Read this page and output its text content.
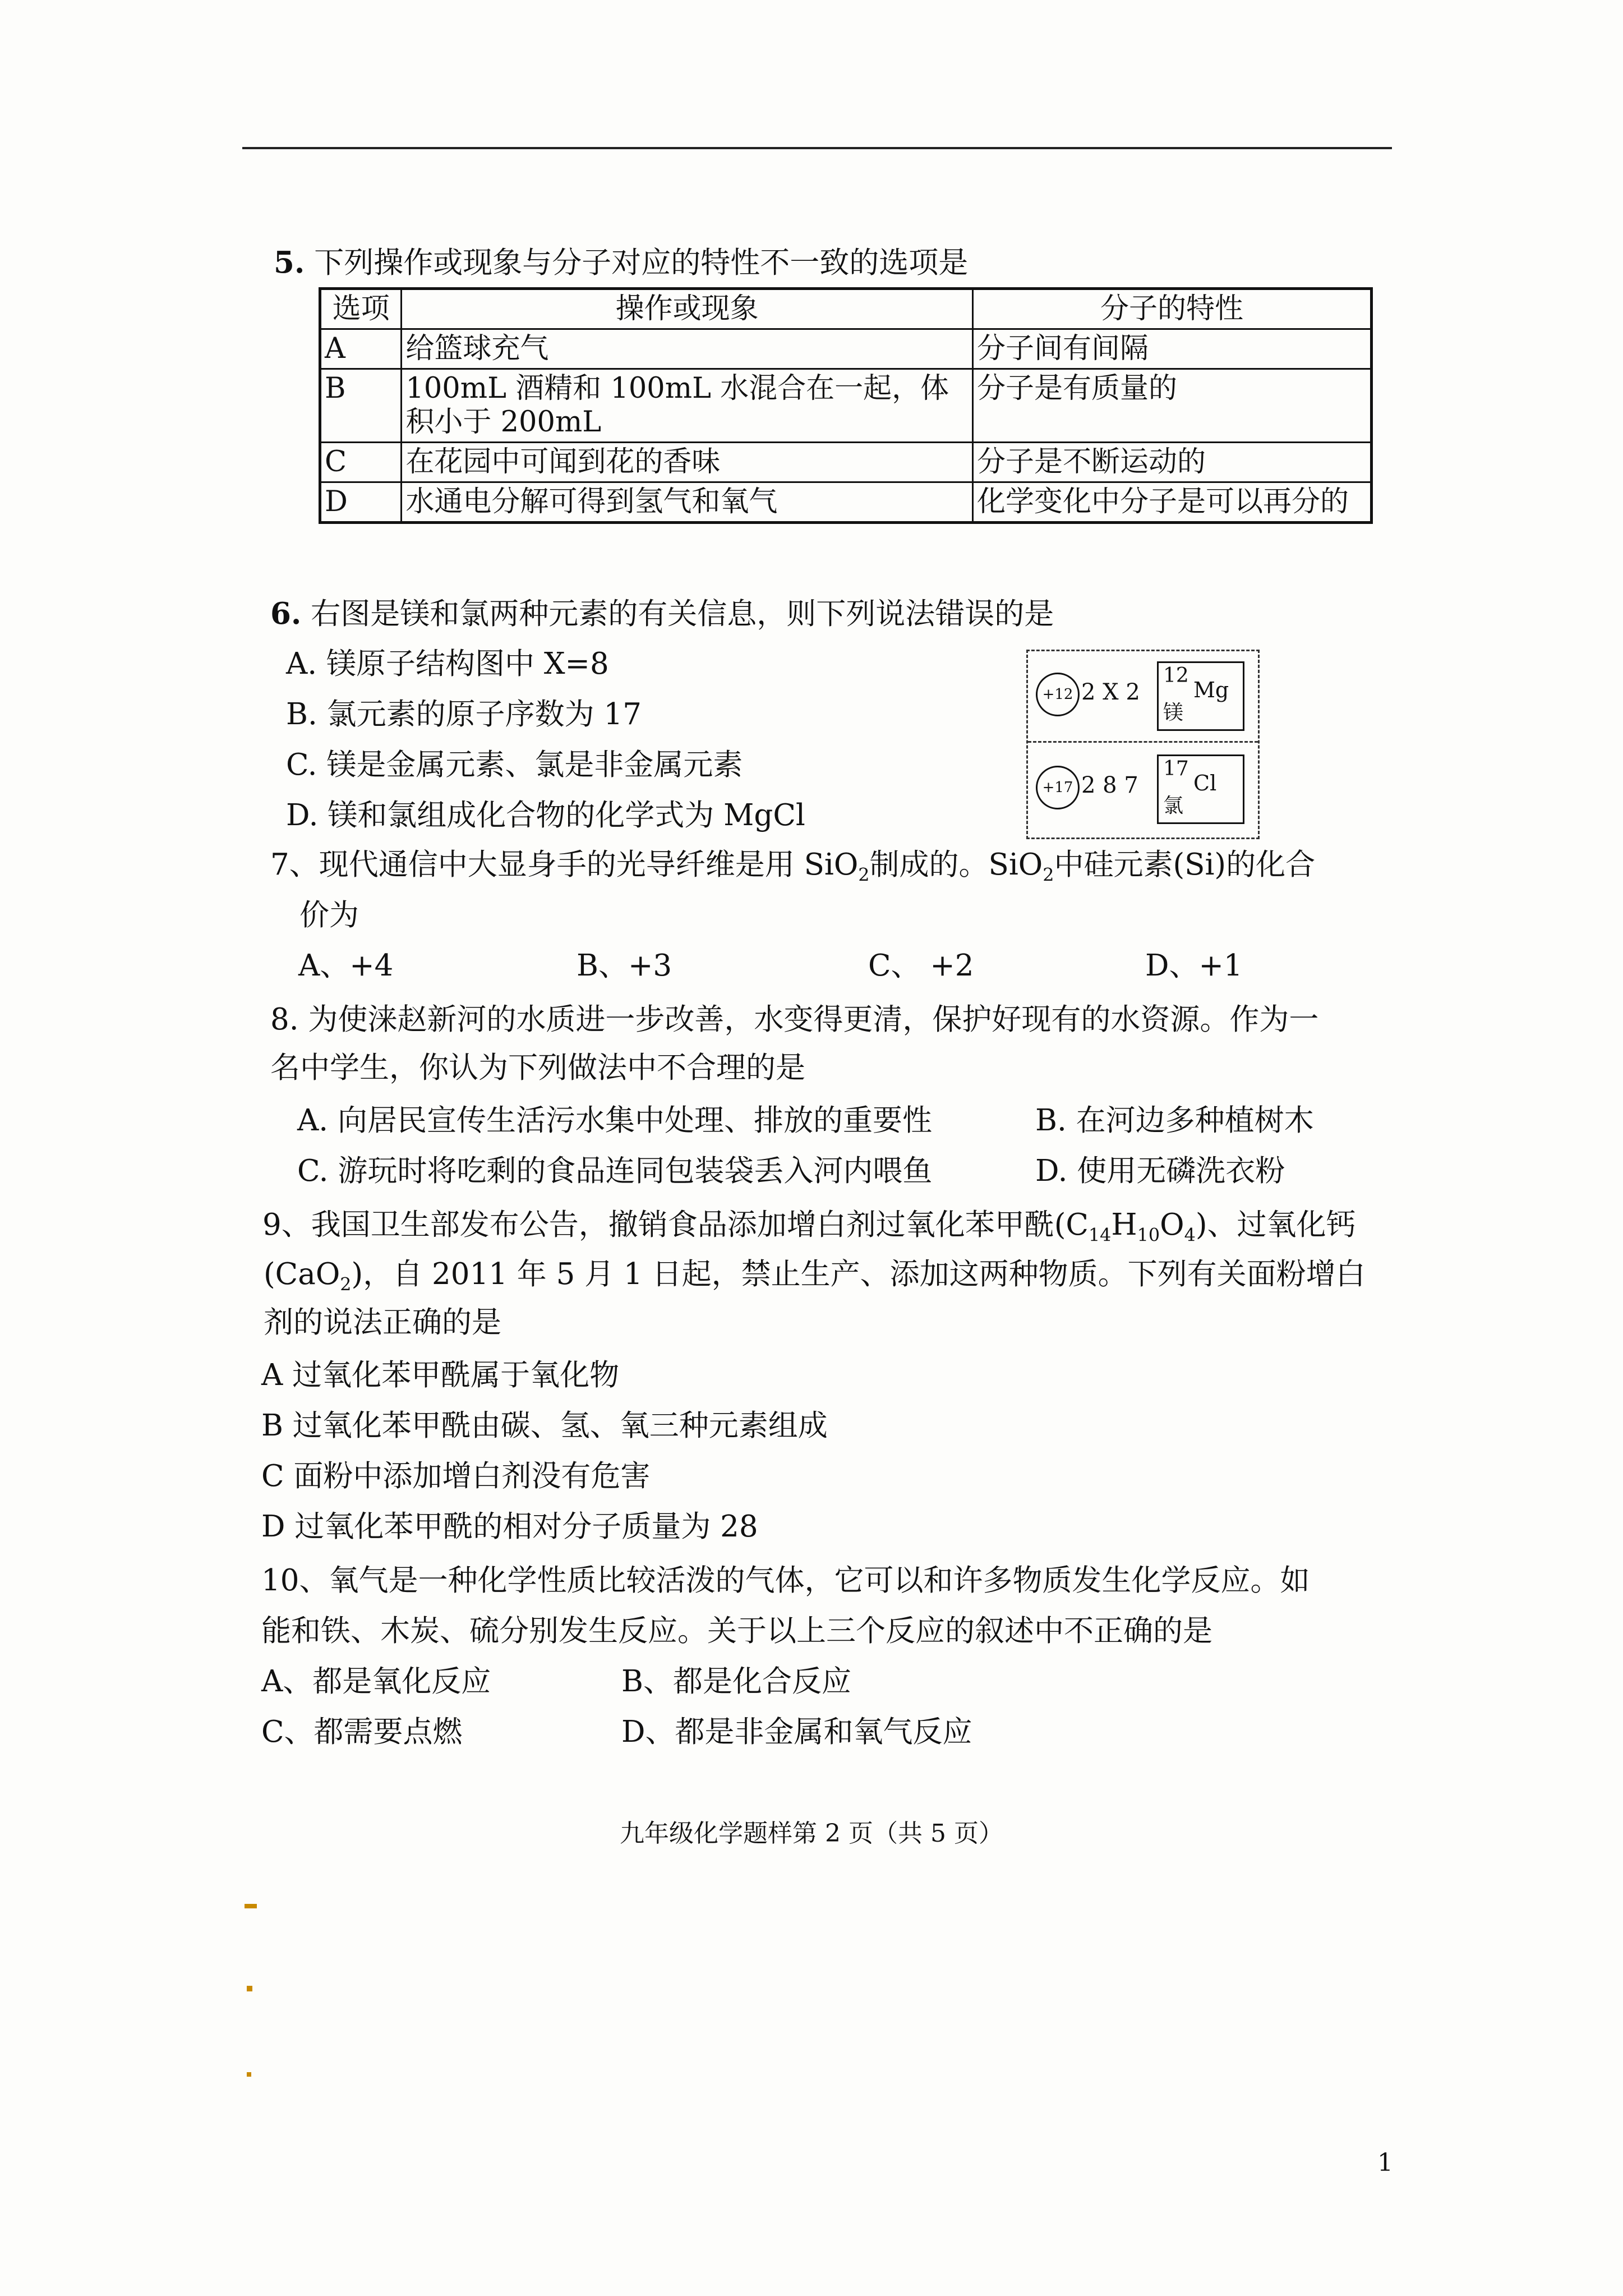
5. 下列操作或现象与分子对应的特性不一致的选项是
选项	操作或现象	分子的特性
A	给篮球充气	分子间有间隔
B	100mL 酒精和 100mL 水混合在一起，体积小于 200mL	分子是有质量的
C	在花园中可闻到花的香味	分子是不断运动的
D	水通电分解可得到氢气和氧气	化学变化中分子是可以再分的
6. 右图是镁和氯两种元素的有关信息，则下列说法错误的是
A. 镁原子结构图中 X=8
B. 氯元素的原子序数为 17
C. 镁是金属元素、氯是非金属元素
D. 镁和氯组成化合物的化学式为 MgCl
+12 2 X 2
12
Mg
镁
+17 2 8 7
17
Cl
氯
7、现代通信中大显身手的光导纤维是用 SiO$_2$制成的。SiO$_2$中硅元素(Si)的化合
价为
A、+4	B、+3	C、 +2	D、+1
8. 为使涞赵新河的水质进一步改善，水变得更清，保护好现有的水资源。作为一
名中学生，你认为下列做法中不合理的是
A. 向居民宣传生活污水集中处理、排放的重要性	B. 在河边多种植树木
C. 游玩时将吃剩的食品连同包装袋丢入河内喂鱼	D. 使用无磷洗衣粉
9、我国卫生部发布公告，撤销食品添加增白剂过氧化苯甲酰$(C_{14}H_{10}O_4)$、过氧化钙
(CaO$_2$)，自 2011 年 5 月 1 日起，禁止生产、添加这两种物质。下列有关面粉增白
剂的说法正确的是
A 过氧化苯甲酰属于氧化物
B 过氧化苯甲酰由碳、氢、氧三种元素组成
C 面粉中添加增白剂没有危害
D 过氧化苯甲酰的相对分子质量为 28
10、氧气是一种化学性质比较活泼的气体，它可以和许多物质发生化学反应。如
能和铁、木炭、硫分别发生反应。关于以上三个反应的叙述中不正确的是
A、都是氧化反应	B、都是化合反应
C、都需要点燃	D、都是非金属和氧气反应
九年级化学题样第 2 页（共 5 页）
1
